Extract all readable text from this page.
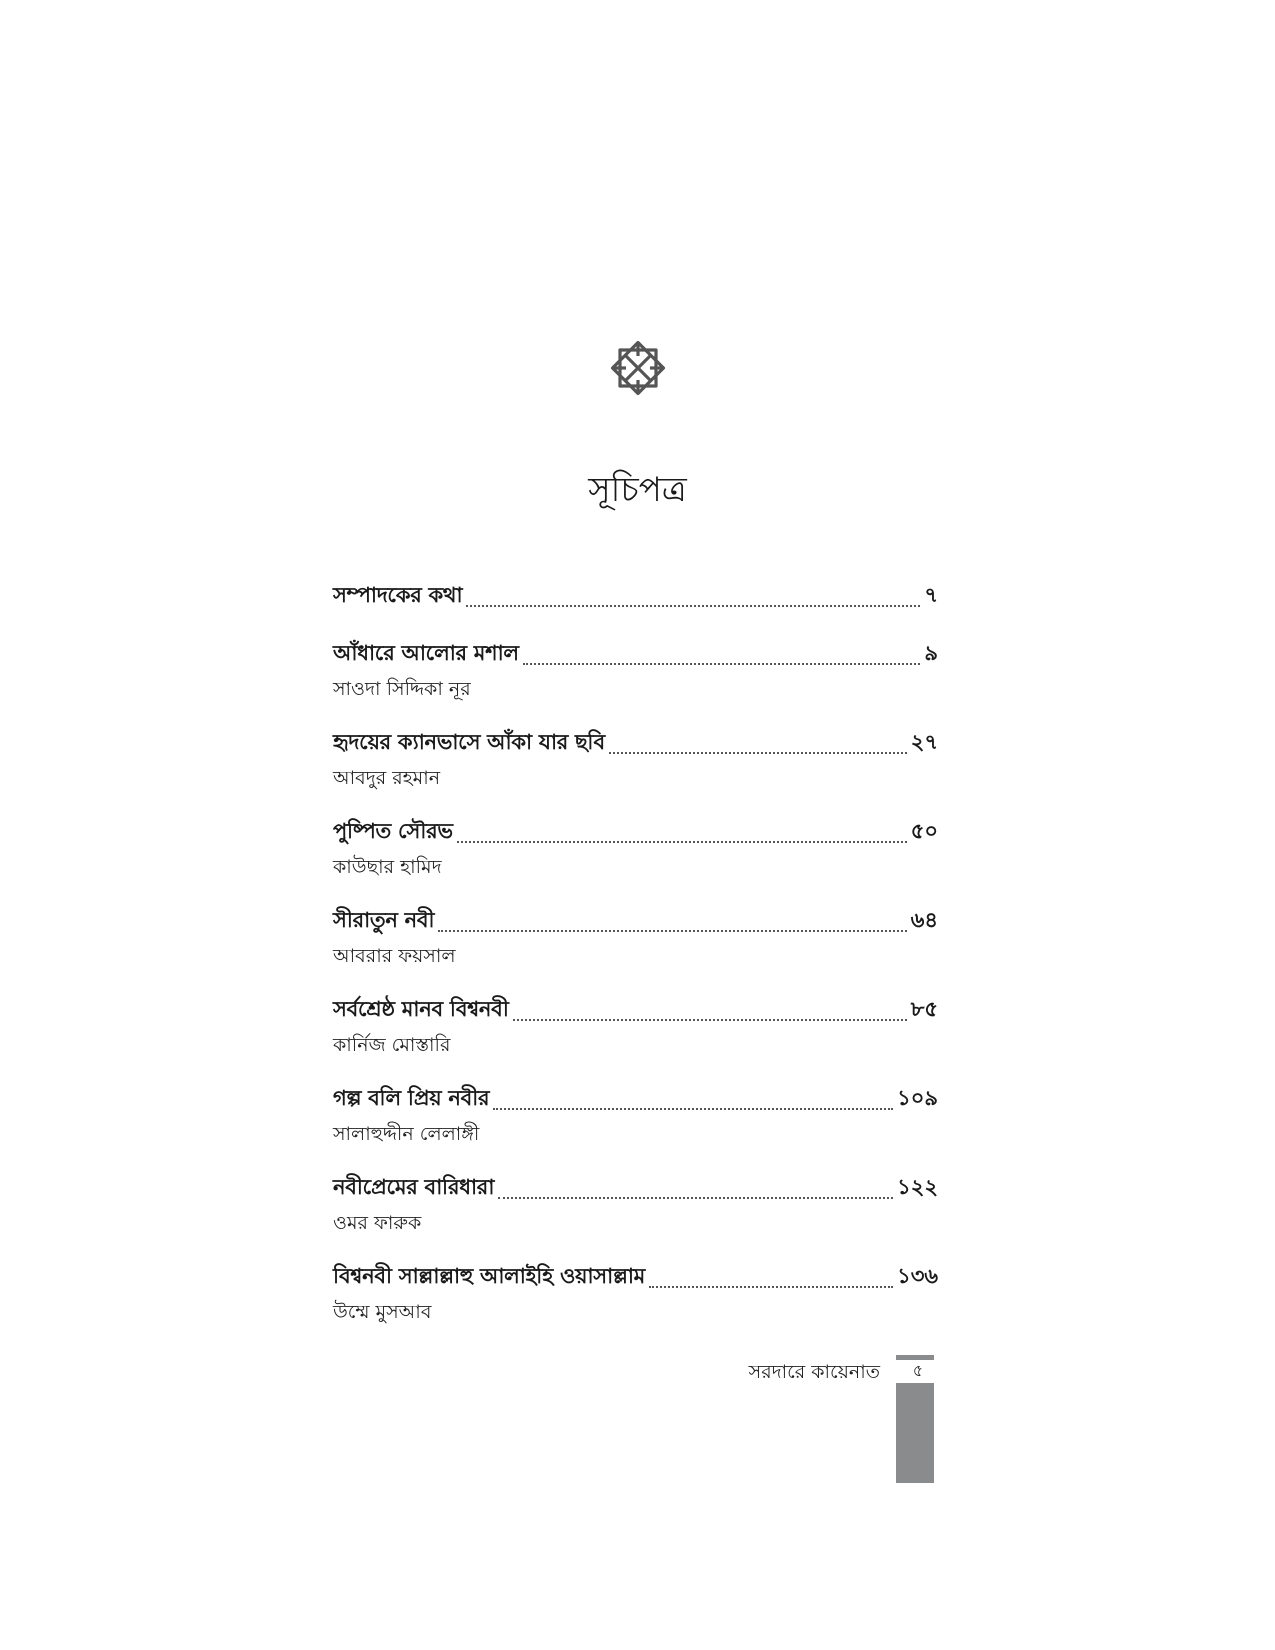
সূচিপত্র
সম্পাদকের কথা	৭
আঁধারে আলোর মশাল	৯
সাওদা সিদ্দিকা নূর
হৃদয়ের ক্যানভাসে আঁকা যার ছবি	২৭
আবদুর রহমান
পুষ্পিত সৌরভ	৫০
কাউছার হামিদ
সীরাতুন নবী	৬৪
আবরার ফয়সাল
সর্বশ্রেষ্ঠ মানব বিশ্বনবী	৮৫
কার্নিজ মোস্তারি
গল্প বলি প্রিয় নবীর	১০৯
সালাহুদ্দীন লেলাঙ্গী
নবীপ্রেমের বারিধারা	১২২
ওমর ফারুক
বিশ্বনবী সাল্লাল্লাহু আলাইহি ওয়াসাল্লাম	১৩৬
উম্মে মুসআব
সরদারে কায়েনাত	৫
